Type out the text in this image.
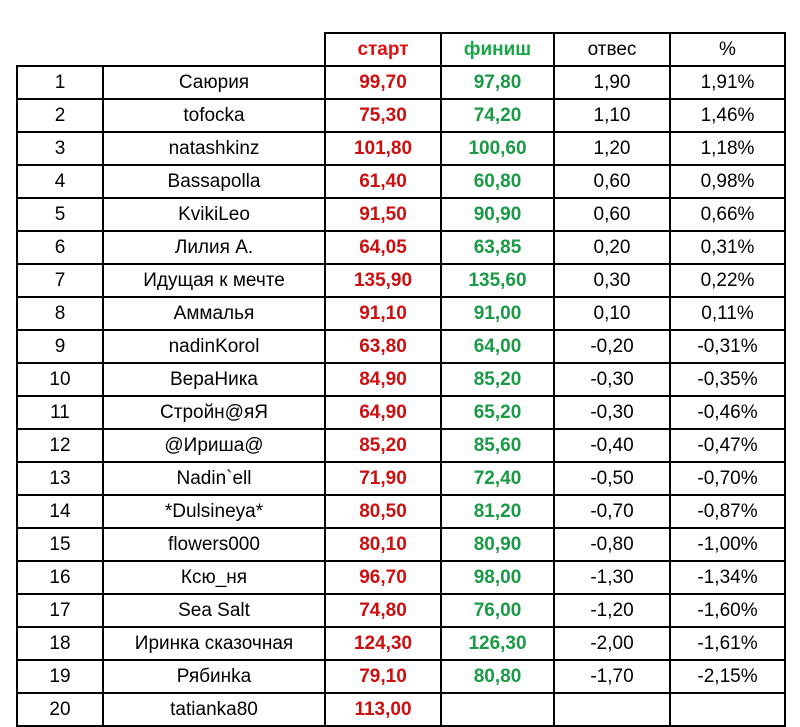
		старт	финиш	отвес	%
1	Саюрия	99,70	97,80	1,90	1,91%
2	tofocka	75,30	74,20	1,10	1,46%
3	natashkinz	101,80	100,60	1,20	1,18%
4	Bassapolla	61,40	60,80	0,60	0,98%
5	KvikiLeo	91,50	90,90	0,60	0,66%
6	Лилия А.	64,05	63,85	0,20	0,31%
7	Идущая к мечте	135,90	135,60	0,30	0,22%
8	Аммалья	91,10	91,00	0,10	0,11%
9	nadinKorol	63,80	64,00	-0,20	-0,31%
10	ВераНика	84,90	85,20	-0,30	-0,35%
11	Стройн@яЯ	64,90	65,20	-0,30	-0,46%
12	@Ириша@	85,20	85,60	-0,40	-0,47%
13	Nadin`ell	71,90	72,40	-0,50	-0,70%
14	*Dulsineya*	80,50	81,20	-0,70	-0,87%
15	flowers000	80,10	80,90	-0,80	-1,00%
16	Ксю_ня	96,70	98,00	-1,30	-1,34%
17	Sea Salt	74,80	76,00	-1,20	-1,60%
18	Иринка сказочная	124,30	126,30	-2,00	-1,61%
19	Рябинka	79,10	80,80	-1,70	-2,15%
20	tatianka80	113,00			
